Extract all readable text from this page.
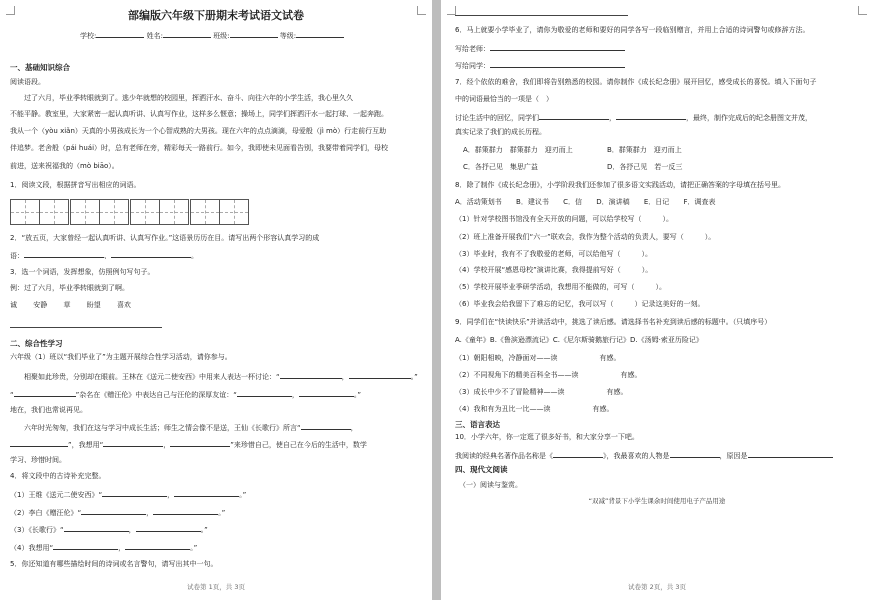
部编版六年级下册期末考试语文试卷
学校:	姓名:	班级:	等级:
一、基础知识综合
阅读语段。
　　过了六月，毕业季转眼就到了。逃少年就想的校园里，挥洒汗水、奋斗、向往六年的小学生活，我心里久久
不能平静。教室里，大家紧密一起认真听讲、认真写作业，这样多么惬意；操场上，同学们挥洒汗水一起打球、一起奔跑。
我从一个（yòu xiǎn）天真的小男孩成长为一个心智成熟的大男孩。现在六年的点点滴滴，母爱般（jì mò）行走前行互助
伴追梦。老舍般（pái huái）时，总有老师在旁，精彩每天一路前行。如今，我即使未见面看告别，我要带着同学们，母校
前进，送来祝福我的（mò biāo）。
1．阅读文段，根据拼音写出相应的词语。
2．“放五页，大家曾经一起认真听讲、认真写作业。”这语景历历在目。请写出两个形容认真学习的成
语：	、	。
3．选一个词语，发挥想象，仿照例句写句子。
例：过了六月，毕业季转眼就到了啊。
诚 安静 草 盼望 喜欢
二、综合性学习
六年级（1）班以“我们毕业了”为主题开展综合性学习活动，请你参与。
　　相聚如此珍贵，分别却在眼前。王林在《送元二使安西》中用来人表达一杯讨论：“	，	。”
“	”杂名在《赠汪伦》中表达自己与汪伦的深厚友谊：“	，	。”
地在，我们也常说再见。
　　六年时光匆匆，我们在这与学习中成长生活；师生之情会像不是送，王仙《长歌行》所言“	，
”，我想用“	，	”来珍惜自己，使自己在今后的生活中，数学
学习、珍惜时间。
4．将文段中的古诗补充完整。
（1）王维《送元二使安西》“	，	。”
（2）李白《赠汪伦》“	，	。”
（3）《长歌行》“	，	。”
（4）我想用“	，	。”
5．你还知道有哪些描绘时间的诗词或名言警句，请写出其中一句。
试卷第 1页，共 3页
6．马上就要小学毕业了，请你为敬爱的老师和要好的同学各写一段临别赠言，并用上合适的诗词警句或修辞方法。
写给老师：
写给同学：
7．经个依依的难舍，我们即将告别熟悉的校园。请你制作《成长纪念册》展开回忆，感受成长的喜悦。填入下面句子
中的词语最恰当的一项是（　）
讨论生活中的回忆，同学们	，	，最终，制作完成后的纪念册图文并茂，
真实记录了我们的成长历程。
A．群策群力　群策群力　迎刃而上	B．群策群力　迎刃而上
C．各抒己见　集思广益	D．各抒己见　若一反三
8．除了制作《成长纪念册》，小学阶段我们还参加了很多语文实践活动，请把正确答案的字母填在括号里。
A．活动策划书 B．建议书 C．信 D．演讲稿 E．日记 F．调查表
（1）针对学校图书馆没有全天开放的问题，可以给学校写（　　　）。
（2）班上准备开展我们“六一”联欢会，我作为整个活动的负责人，要写（　　　）。
（3）毕业时，我有不了我敬爱的老师，可以给他写（　　　）。
（4）学校开展“感恩母校”演讲比赛，我得提前写好（　　　）。
（5）学校开展毕业季研学活动，我想用不能做的，可写（　　　）。
（6）毕业我会给我留下了难忘的记忆，我可以写（　　　）记录这美好的一刻。
9．同学们在“快读快乐”并读活动中，挑选了读后感。请选择书名补充到读后感的标题中。（只填序号）
A.《童年》B.《鲁滨逊漂流记》C.《尼尔斯骑鹅旅行记》D.《汤姆·索亚历险记》
（1）朝阳相映，冷静面对——读　　　　　　有感。
（2）不同视角下的精美百科全书——读　　　　　　有感。
（3）成长中少不了冒险精神——读　　　　　　有感。
（4）我和有为丑比一比——读　　　　　　有感。
三、语言表达
10．小学六年，你一定逛了很多好书，和大家分享一下吧。
我阅读的经典名著作品名称是《	》，我最喜欢的人物是	，原因是
四、现代文阅读
（一）阅读与鉴赏。
“双减”背景下小学生课余时间使用电子产品用途
试卷第 2页，共 3页
